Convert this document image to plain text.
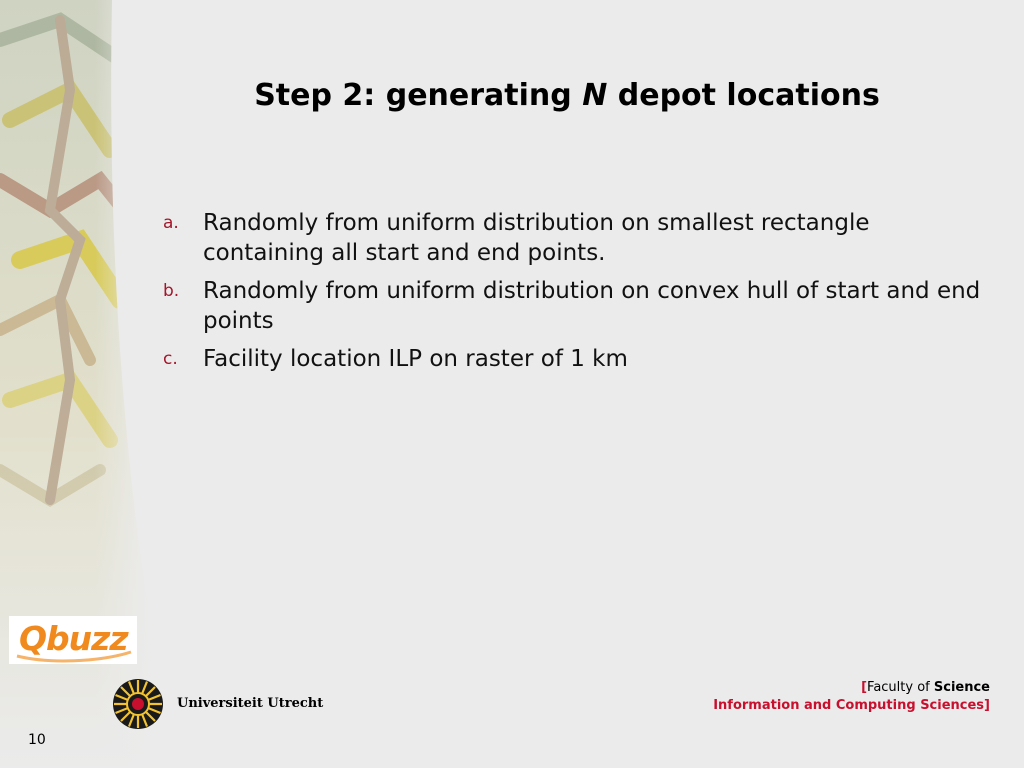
Step 2: generating N depot locations
a.	Randomly from uniform distribution on smallest rectangle containing all start and end points.
b.	Randomly from uniform distribution on convex hull of start and end points
c.	Facility location ILP on raster of 1 km
Qbuzz
Universiteit Utrecht
[Faculty of Science
Information and Computing Sciences]
10
